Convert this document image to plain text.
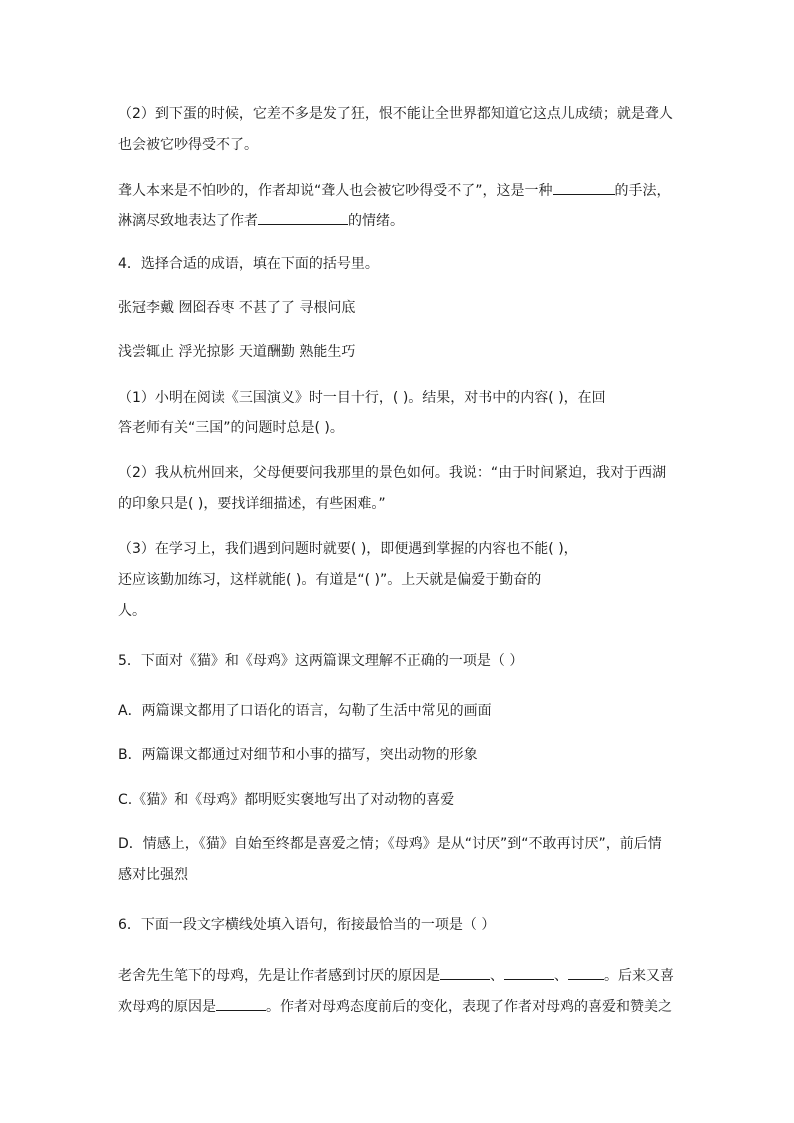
（2）到下蛋的时候，它差不多是发了狂，恨不能让全世界都知道它这点儿成绩；就是聋人
也会被它吵得受不了。
聋人本来是不怕吵的，作者却说“聋人也会被它吵得受不了”，这是一种	的手法，
淋漓尽致地表达了作者	的情绪。
4．选择合适的成语，填在下面的括号里。
张冠李戴 囫囵吞枣 不甚了了 寻根问底
浅尝辄止 浮光掠影 天道酬勤 熟能生巧
（1）小明在阅读《三国演义》时一目十行，( )。结果，对书中的内容( )，在回
答老师有关“三国”的问题时总是( )。
（2）我从杭州回来，父母便要问我那里的景色如何。我说：“由于时间紧迫，我对于西湖
的印象只是( )，要找详细描述，有些困难。”
（3）在学习上，我们遇到问题时就要( )，即便遇到掌握的内容也不能( )，
还应该勤加练习，这样就能( )。有道是“( )”。上天就是偏爱于勤奋的
人。
5．下面对《猫》和《母鸡》这两篇课文理解不正确的一项是（ ）
A．两篇课文都用了口语化的语言，勾勒了生活中常见的画面
B．两篇课文都通过对细节和小事的描写，突出动物的形象
C.《猫》和《母鸡》都明贬实褒地写出了对动物的喜爱
D．情感上，《猫》自始至终都是喜爱之情；《母鸡》是从“讨厌”到“不敢再讨厌”，前后情
感对比强烈
6．下面一段文字横线处填入语句，衔接最恰当的一项是（ ）
老舍先生笔下的母鸡，先是让作者感到讨厌的原因是	、	、	。后来又喜
欢母鸡的原因是	。作者对母鸡态度前后的变化，表现了作者对母鸡的喜爱和赞美之
